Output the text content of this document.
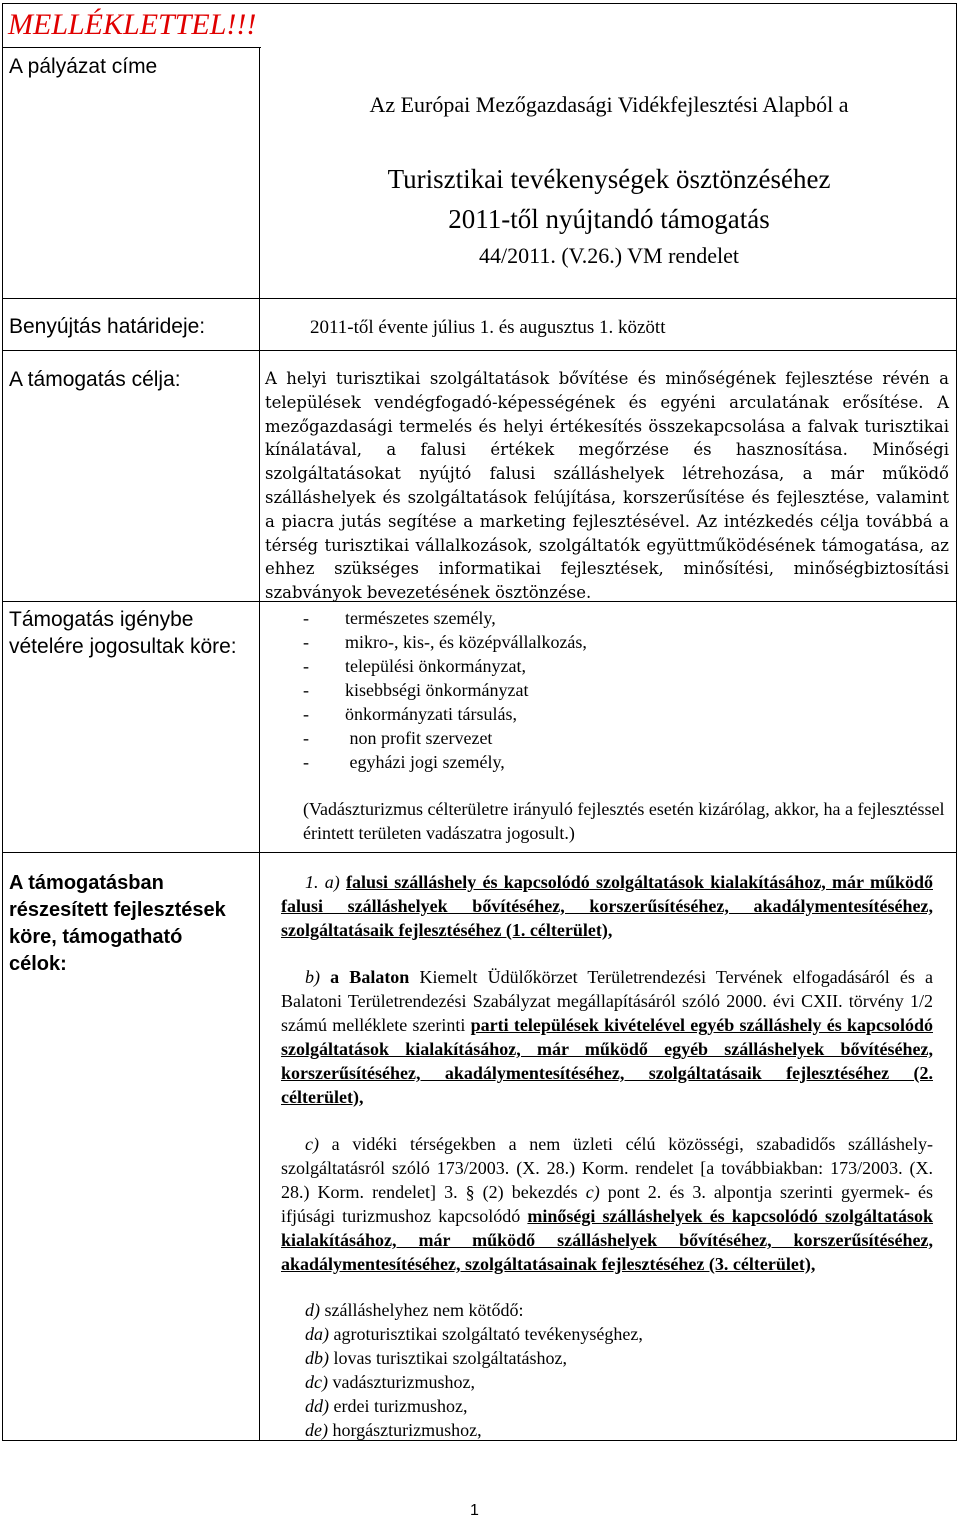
MELLÉKLETTEL!!!

A pályázat címe

Az Európai Mezőgazdasági Vidékfejlesztési Alapból a

Turisztikai tevékenységek ösztönzéséhez

2011-től nyújtandó támogatás

44/2011. (V.26.) VM rendelet

Benyújtás határideje:	2011-től évente július 1. és augusztus 1. között

A támogatás célja:	A helyi turisztikai szolgáltatások bővítése és minőségének fejlesztése révén a települések vendégfogadó-képességének és egyéni arculatának erősítése. A mezőgazdasági termelés és helyi értékesítés összekapcsolása a falvak turisztikai kínálatával, a falusi értékek megőrzése és hasznosítása. Minőségi szolgáltatásokat nyújtó falusi szálláshelyek létrehozása, a már működő szálláshelyek és szolgáltatások felújítása, korszerűsítése és fejlesztése, valamint a piacra jutás segítése a marketing fejlesztésével. Az intézkedés célja továbbá a térség turisztikai vállalkozások, szolgáltatók együttműködésének támogatása, az ehhez szükséges informatikai fejlesztések, minősítési, minőségbiztosítási szabványok bevezetésének ösztönzése.

Támogatás igénybe

vételére jogosultak köre:

- természetes személy,
- mikro-, kis-, és középvállalkozás,
- települési önkormányzat,
- kisebbségi önkormányzat
- önkormányzati társulás,
- non profit szervezet
- egyházi jogi személy,

(Vadászturizmus célterületre irányuló fejlesztés esetén kizárólag, akkor, ha a fejlesztéssel érintett területen vadászatra jogosult.)

A támogatásban

részesített fejlesztések

köre, támogatható

célok:

1. a) falusi szálláshely és kapcsolódó szolgáltatások kialakításához, már működő falusi szálláshelyek bővítéséhez, korszerűsítéséhez, akadálymentesítéséhez, szolgáltatásaik fejlesztéséhez (1. célterület),
b) a Balaton Kiemelt Üdülőkörzet Területrendezési Tervének elfogadásáról és a Balatoni Területrendezési Szabályzat megállapításáról szóló 2000. évi CXII. törvény 1/2 számú melléklete szerinti parti települések kivételével egyéb szálláshely és kapcsolódó szolgáltatások kialakításához, már működő egyéb szálláshelyek bővítéséhez, korszerűsítéséhez, akadálymentesítéséhez, szolgáltatásaik fejlesztéséhez (2. célterület),
c) a vidéki térségekben a nem üzleti célú közösségi, szabadidős szálláshely-szolgáltatásról szóló 173/2003. (X. 28.) Korm. rendelet [a továbbiakban: 173/2003. (X. 28.) Korm. rendelet] 3. § (2) bekezdés c) pont 2. és 3. alpontja szerinti gyermek- és ifjúsági turizmushoz kapcsolódó minőségi szálláshelyek és kapcsolódó szolgáltatások kialakításához, már működő szálláshelyek bővítéséhez, korszerűsítéséhez, akadálymentesítéséhez, szolgáltatásainak fejlesztéséhez (3. célterület),
d) szálláshelyhez nem kötődő:
da) agroturisztikai szolgáltató tevékenységhez,
db) lovas turisztikai szolgáltatáshoz,
dc) vadászturizmushoz,
dd) erdei turizmushoz,
de) horgászturizmushoz,
1
